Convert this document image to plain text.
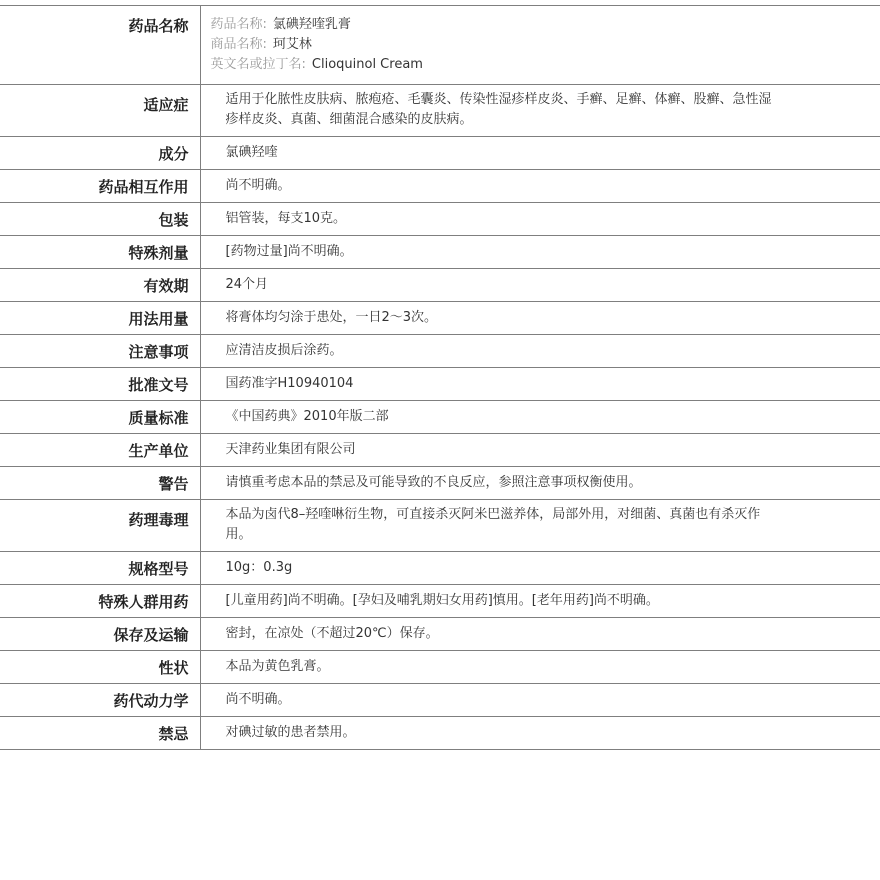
药品名称	药品名称: 氯碘羟喹乳膏
商品名称: 珂艾林
英文名或拉丁名: Clioquinol Cream

适应症	适用于化脓性皮肤病、脓疱疮、毛囊炎、传染性湿疹样皮炎、手癣、足癣、体癣、股癣、急性湿疹样皮炎、真菌、细菌混合感染的皮肤病。
成分	氯碘羟喹
药品相互作用	尚不明确。
包装	铝管装，每支10克。
特殊剂量	[药物过量]尚不明确。
有效期	24个月
用法用量	将膏体均匀涂于患处，一日2～3次。
注意事项	应清洁皮损后涂药。
批准文号	国药准字H10940104
质量标准	《中国药典》2010年版二部
生产单位	天津药业集团有限公司
警告	请慎重考虑本品的禁忌及可能导致的不良反应，参照注意事项权衡使用。
药理毒理	本品为卤代8–羟喹啉衍生物，可直接杀灭阿米巴滋养体，局部外用，对细菌、真菌也有杀灭作用。
规格型号	10g：0.3g
特殊人群用药	[儿童用药]尚不明确。[孕妇及哺乳期妇女用药]慎用。[老年用药]尚不明确。
保存及运输	密封，在凉处（不超过20℃）保存。
性状	本品为黄色乳膏。
药代动力学	尚不明确。
禁忌	对碘过敏的患者禁用。
